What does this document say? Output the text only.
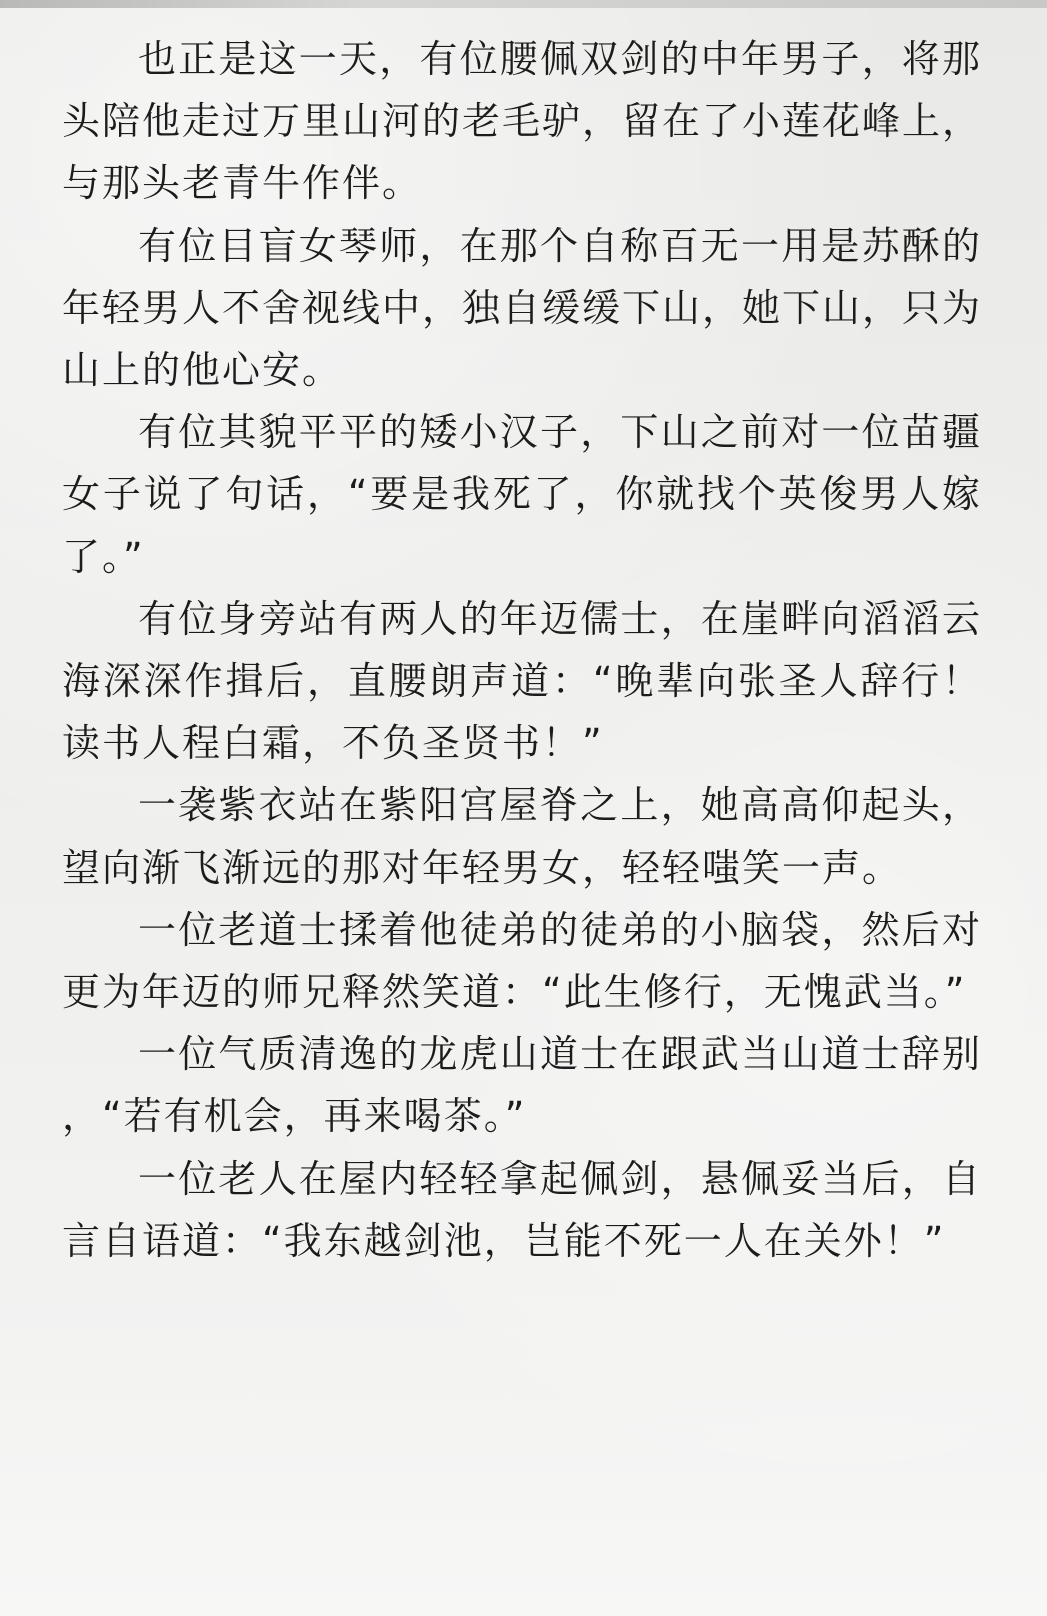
也正是这一天，有位腰佩双剑的中年男子，将那头陪他走过万里山河的老毛驴，留在了小莲花峰上，与那头老青牛作伴。

有位目盲女琴师，在那个自称百无一用是苏酥的年轻男人不舍视线中，独自缓缓下山，她下山，只为山上的他心安。

有位其貌平平的矮小汉子，下山之前对一位苗疆女子说了句话，“要是我死了，你就找个英俊男人嫁了。”

有位身旁站有两人的年迈儒士，在崖畔向滔滔云海深深作揖后，直腰朗声道：“晚辈向张圣人辞行！读书人程白霜，不负圣贤书！”

一袭紫衣站在紫阳宫屋脊之上，她高高仰起头，望向渐飞渐远的那对年轻男女，轻轻嗤笑一声。

一位老道士揉着他徒弟的徒弟的小脑袋，然后对更为年迈的师兄释然笑道：“此生修行，无愧武当。”

一位气质清逸的龙虎山道士在跟武当山道士辞别，“若有机会，再来喝茶。”

一位老人在屋内轻轻拿起佩剑，悬佩妥当后，自言自语道：“我东越剑池，岂能不死一人在关外！”
